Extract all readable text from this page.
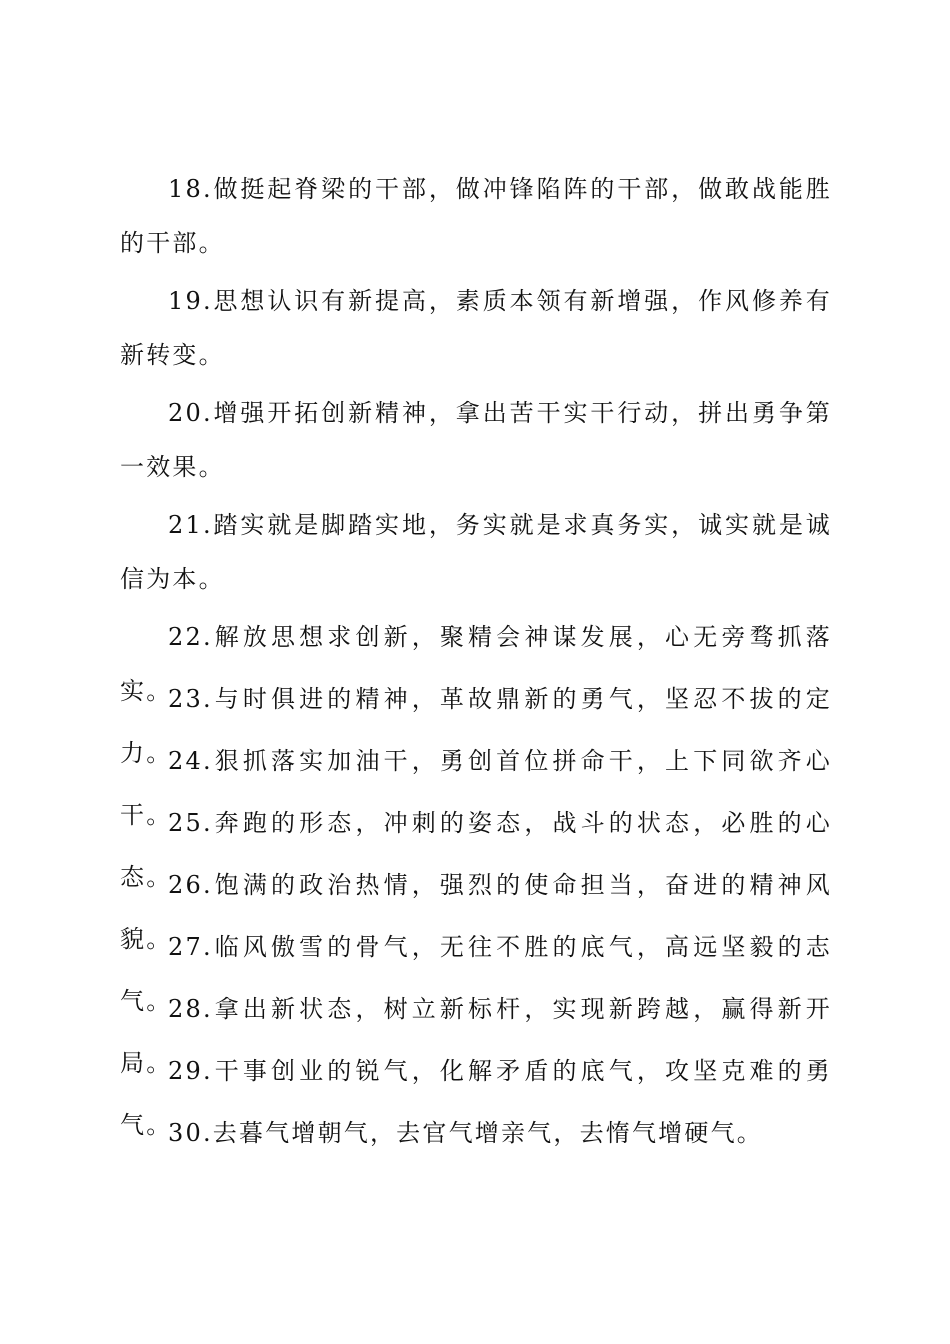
18.做挺起脊梁的干部，做冲锋陷阵的干部，做敢战能胜的干部。

19.思想认识有新提高，素质本领有新增强，作风修养有新转变。

20.增强开拓创新精神，拿出苦干实干行动，拼出勇争第一效果。

21.踏实就是脚踏实地，务实就是求真务实，诚实就是诚信为本。

22.解放思想求创新，聚精会神谋发展，心无旁骛抓落实。

23.与时俱进的精神，革故鼎新的勇气，坚忍不拔的定力。

24.狠抓落实加油干，勇创首位拼命干，上下同欲齐心干。

25.奔跑的形态，冲刺的姿态，战斗的状态，必胜的心态。

26.饱满的政治热情，强烈的使命担当，奋进的精神风貌。

27.临风傲雪的骨气，无往不胜的底气，高远坚毅的志气。

28.拿出新状态，树立新标杆，实现新跨越，赢得新开局。

29.干事创业的锐气，化解矛盾的底气，攻坚克难的勇气。

30.去暮气增朝气，去官气增亲气，去惰气增硬气。
